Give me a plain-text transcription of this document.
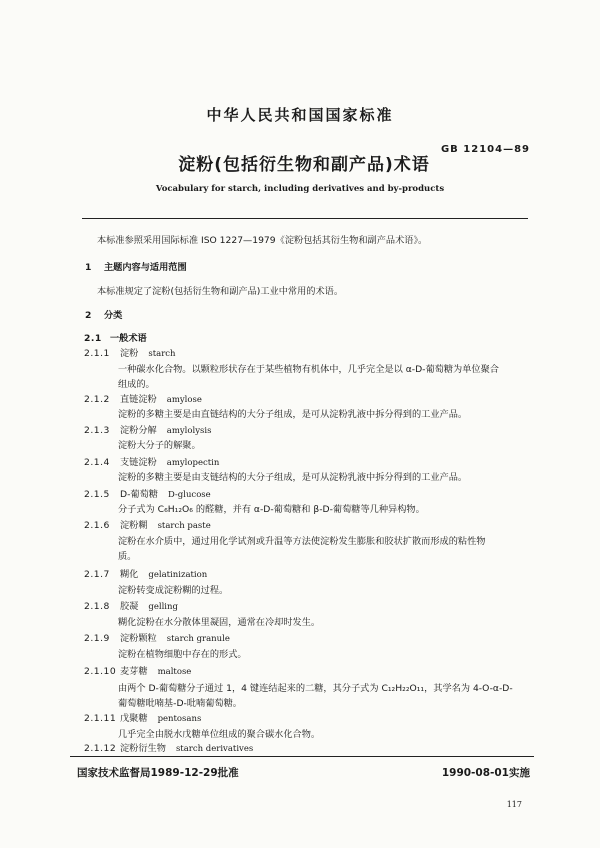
中华人民共和国国家标准
GB 12104—89
淀粉(包括衍生物和副产品)术语
Vocabulary for starch, including derivatives and by-products
本标准参照采用国际标准 ISO 1227—1979《淀粉包括其衍生物和副产品术语》。
1 主题内容与适用范围
本标准规定了淀粉(包括衍生物和副产品)工业中常用的术语。
2 分类
2.1 一般术语
2.1.1 淀粉 starch
一种碳水化合物。以颗粒形状存在于某些植物有机体中，几乎完全是以 α-D-葡萄糖为单位聚合
组成的。
2.1.2 直链淀粉 amylose
淀粉的多糖主要是由直链结构的大分子组成，是可从淀粉乳液中拆分得到的工业产品。
2.1.3 淀粉分解 amylolysis
淀粉大分子的解聚。
2.1.4 支链淀粉 amylopectin
淀粉的多糖主要是由支链结构的大分子组成，是可从淀粉乳液中拆分得到的工业产品。
2.1.5 D-葡萄糖 D-glucose
分子式为 C₆H₁₂O₆ 的醛糖，并有 α-D-葡萄糖和 β-D-葡萄糖等几种异构物。
2.1.6 淀粉糊 starch paste
淀粉在水介质中，通过用化学试剂或升温等方法使淀粉发生膨胀和胶状扩散而形成的粘性物
质。
2.1.7 糊化 gelatinization
淀粉转变成淀粉糊的过程。
2.1.8 胶凝 gelling
糊化淀粉在水分散体里凝固，通常在冷却时发生。
2.1.9 淀粉颗粒 starch granule
淀粉在植物细胞中存在的形式。
2.1.10 麦芽糖 maltose
由两个 D-葡萄糖分子通过 1，4 键连结起来的二糖，其分子式为 C₁₂H₂₂O₁₁，其学名为 4-O-α-D-
葡萄糖吡喃基-D-吡喃葡萄糖。
2.1.11 戊聚糖 pentosans
几乎完全由脱水戊糖单位组成的聚合碳水化合物。
2.1.12 淀粉衍生物 starch derivatives
国家技术监督局1989-12-29批准	1990-08-01实施
117
